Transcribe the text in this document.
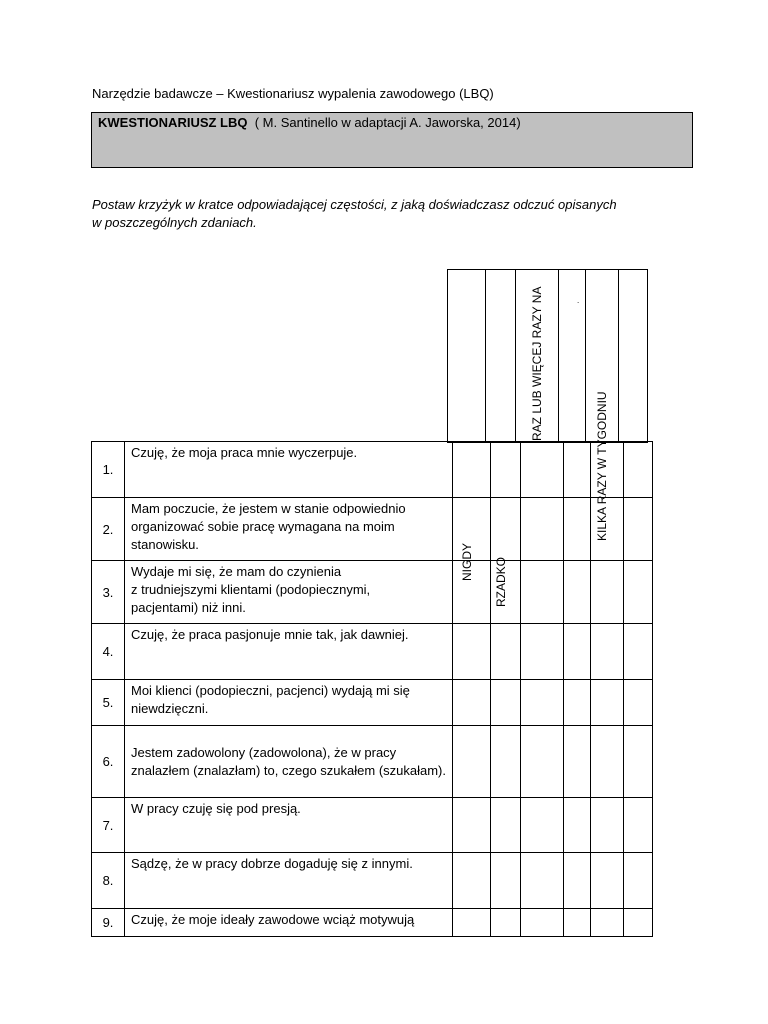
Narzędzie badawcze – Kwestionariusz wypalenia zawodowego (LBQ)
KWESTIONARIUSZ LBQ ( M. Santinello w adaptacji A. Jaworska, 2014)
Postaw krzyżyk w kratce odpowiadającej częstości, z jaką doświadczasz odczuć opisanych
w poszczególnych zdaniach.
NIGDY RZADKO
RAZ LUB WIĘCEJ RAZY NA
KILKA RAZY W TYGODNIU
.
1.	Czuję, że moja praca mnie wyczerpuje.						

2.	Mam poczucie, że jestem w stanie odpowiednio
organizować sobie pracę wymagana na moim
stanowisku.						

3.	Wydaje mi się, że mam do czynienia
z trudniejszymi klientami (podopiecznymi,
pacjentami) niż inni.						

4.	Czuję, że praca pasjonuje mnie tak, jak dawniej.						

5.	Moi klienci (podopieczni, pacjenci) wydają mi się
niewdzięczni.						

6.	Jestem zadowolony (zadowolona), że w pracy
znalazłem (znalazłam) to, czego szukałem (szukałam).						

7.	W pracy czuję się pod presją.						

8.	Sądzę, że w pracy dobrze dogaduję się z innymi.						

9.	Czuję, że moje ideały zawodowe wciąż motywują						
